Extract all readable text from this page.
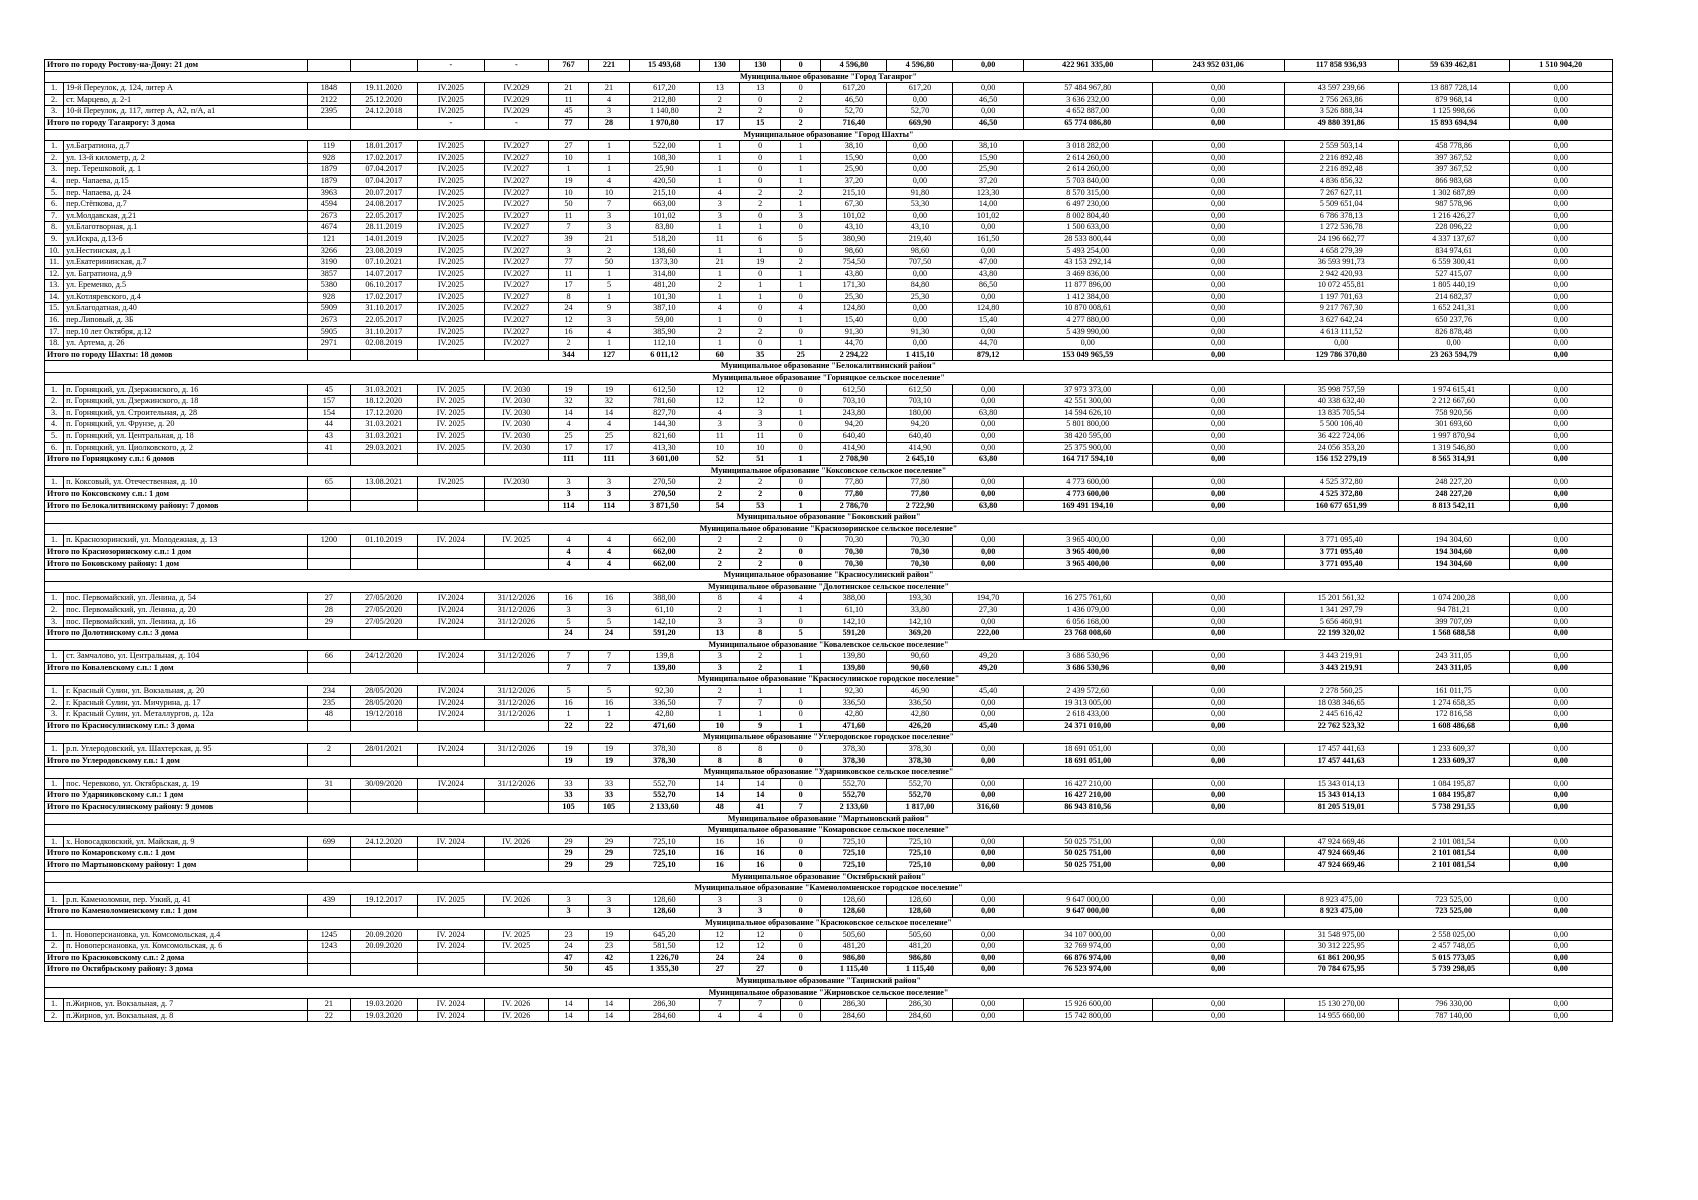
Итого по городу Ростову-на-Дону: 21 дом				-	-	767	221	15 493,68	130	130	0	4 596,80	4 596,80	0,00	422 961 335,00	243 952 031,06	117 858 936,93	59 639 462,81	1 510 904,20
Муниципальное образование "Город Таганрог"																			
1.	19-й Переулок, д. 124, литер А	1848	19.11.2020	IV.2025	IV.2029	21	21	617,20	13	13	0	617,20	617,20	0,00	57 484 967,80	0,00	43 597 239,66	13 887 728,14	0,00
2.	ст. Марцево, д. 2-1	2122	25.12.2020	IV.2025	IV.2029	11	4	212,80	2	0	2	46,50	0,00	46,50	3 636 232,00	0,00	2 756 263,86	879 968,14	0,00
3.	10-й Переулок, д. 117, литер А, А2, п/А, а1	2395	24.12.2018	IV.2025	IV.2029	45	3	1 140,80	2	2	0	52,70	52,70	0,00	4 652 887,00	0,00	3 526 888,34	1 125 998,66	0,00
Итого по городу Таганрогу: 3 дома				-	-	77	28	1 970,80	17	15	2	716,40	669,90	46,50	65 774 086,80	0,00	49 880 391,86	15 893 694,94	0,00
Муниципальное образование "Город Шахты"																			
1.	ул.Багратиона, д.7	119	18.01.2017	IV.2025	IV.2027	27	1	522,00	1	0	1	38,10	0,00	38,10	3 018 282,00	0,00	2 559 503,14	458 778,86	0,00
2.	ул. 13-й километр, д. 2	928	17.02.2017	IV.2025	IV.2027	10	1	108,30	1	0	1	15,90	0,00	15,90	2 614 260,00	0,00	2 216 892,48	397 367,52	0,00
3.	пер. Терешковой, д. 1	1879	07.04.2017	IV.2025	IV.2027	1	1	25,90	1	0	1	25,90	0,00	25,90	2 614 260,00	0,00	2 216 892,48	397 367,52	0,00
4.	пер. Чапаева, д.15	1879	07.04.2017	IV.2025	IV.2027	19	4	420,50	1	0	1	37,20	0,00	37,20	5 703 840,00	0,00	4 836 856,32	866 983,68	0,00
5.	пер. Чапаева, д. 24	3963	20.07.2017	IV.2025	IV.2027	10	10	215,10	4	2	2	215,10	91,80	123,30	8 570 315,00	0,00	7 267 627,11	1 302 687,89	0,00
6.	пер.Стёпкова, д.7	4594	24.08.2017	IV.2025	IV.2027	50	7	663,00	3	2	1	67,30	53,30	14,00	6 497 230,00	0,00	5 509 651,04	987 578,96	0,00
7.	ул.Молдавская, д.21	2673	22.05.2017	IV.2025	IV.2027	11	3	101,02	3	0	3	101,02	0,00	101,02	8 002 804,40	0,00	6 786 378,13	1 216 426,27	0,00
8.	ул.Благотворная, д.1	4674	28.11.2019	IV.2025	IV.2027	7	3	83,80	1	1	0	43,10	43,10	0,00	1 500 633,00	0,00	1 272 536,78	228 096,22	0,00
9.	ул.Искра, д.13-б	121	14.01.2019	IV.2025	IV.2027	39	21	518,20	11	6	5	380,90	219,40	161,50	28 533 800,44	0,00	24 196 662,77	4 337 137,67	0,00
10.	ул.Нестинская, д.1	3266	23.08.2019	IV.2025	IV.2027	3	2	138,60	1	1	0	98,60	98,60	0,00	5 493 254,00	0,00	4 658 279,39	834 974,61	0,00
11.	ул.Екатерининская, д.7	3190	07.10.2021	IV.2025	IV.2027	77	50	1373,30	21	19	2	754,50	707,50	47,00	43 153 292,14	0,00	36 593 991,73	6 559 300,41	0,00
12.	ул. Багратиона, д.9	3857	14.07.2017	IV.2025	IV.2027	11	1	314,80	1	0	1	43,80	0,00	43,80	3 469 836,00	0,00	2 942 420,93	527 415,07	0,00
13.	ул. Еременко, д.5	5380	06.10.2017	IV.2025	IV.2027	17	5	481,20	2	1	1	171,30	84,80	86,50	11 877 896,00	0,00	10 072 455,81	1 805 440,19	0,00
14.	ул.Котляревского, д.4	928	17.02.2017	IV.2025	IV.2027	8	1	101,30	1	1	0	25,30	25,30	0,00	1 412 384,00	0,00	1 197 701,63	214 682,37	0,00
15.	ул.Благодатная, д.40	5909	31.10.2017	IV.2025	IV.2027	24	9	387,10	4	0	4	124,80	0,00	124,80	10 870 008,61	0,00	9 217 767,30	1 652 241,31	0,00
16.	пер.Липовый, д. 3Б	2673	22.05.2017	IV.2025	IV.2027	12	3	59,00	1	0	1	15,40	0,00	15,40	4 277 880,00	0,00	3 627 642,24	650 237,76	0,00
17.	пер.10 лет Октября, д.12	5905	31.10.2017	IV.2025	IV.2027	16	4	385,90	2	2	0	91,30	91,30	0,00	5 439 990,00	0,00	4 613 111,52	826 878,48	0,00
18.	ул. Артема, д. 26	2971	02.08.2019	IV.2025	IV.2027	2	1	112,10	1	0	1	44,70	0,00	44,70	0,00	0,00	0,00	0,00	0,00
Итого по городу Шахты: 18 домов						344	127	6 011,12	60	35	25	2 294,22	1 415,10	879,12	153 049 965,59	0,00	129 786 370,80	23 263 594,79	0,00
Муниципальное образование "Белокалитвинский район"																			
Муниципальное образование "Горняцкое сельское поселение"																			
1.	п. Горняцкий, ул. Дзержинского, д. 16	45	31.03.2021	IV. 2025	IV. 2030	19	19	612,50	12	12	0	612,50	612,50	0,00	37 973 373,00	0,00	35 998 757,59	1 974 615,41	0,00
2.	п. Горняцкий, ул. Дзержинского, д. 18	157	18.12.2020	IV. 2025	IV. 2030	32	32	781,60	12	12	0	703,10	703,10	0,00	42 551 300,00	0,00	40 338 632,40	2 212 667,60	0,00
3.	п. Горняцкий, ул. Строительная, д. 28	154	17.12.2020	IV. 2025	IV. 2030	14	14	827,70	4	3	1	243,80	180,00	63,80	14 594 626,10	0,00	13 835 705,54	758 920,56	0,00
4.	п. Горняцкий, ул. Фрунзе, д. 20	44	31.03.2021	IV. 2025	IV. 2030	4	4	144,30	3	3	0	94,20	94,20	0,00	5 801 800,00	0,00	5 500 106,40	301 693,60	0,00
5.	п. Горняцкий, ул. Центральная, д. 18	43	31.03.2021	IV. 2025	IV. 2030	25	25	821,60	11	11	0	640,40	640,40	0,00	38 420 595,00	0,00	36 422 724,06	1 997 870,94	0,00
6.	п. Горняцкий, ул. Циолковского, д. 2	41	29.03.2021	IV. 2025	IV. 2030	17	17	413,30	10	10	0	414,90	414,90	0,00	25 375 900,00	0,00	24 056 353,20	1 319 546,80	0,00
Итого по Горняцкому с.п.: 6 домов						111	111	3 601,00	52	51	1	2 708,90	2 645,10	63,80	164 717 594,10	0,00	156 152 279,19	8 565 314,91	0,00
Муниципальное образование "Коксовское сельское поселение"																			
1.	п. Коксовый, ул. Отечественная, д. 10	65	13.08.2021	IV.2025	IV.2030	3	3	270,50	2	2	0	77,80	77,80	0,00	4 773 600,00	0,00	4 525 372,80	248 227,20	0,00
Итого по Коксовскому с.п.: 1 дом						3	3	270,50	2	2	0	77,80	77,80	0,00	4 773 600,00	0,00	4 525 372,80	248 227,20	0,00
Итого по Белокалитвинскому району: 7 домов						114	114	3 871,50	54	53	1	2 786,70	2 722,90	63,80	169 491 194,10	0,00	160 677 651,99	8 813 542,11	0,00
Муниципальное образование "Боковский район"																			
Муниципальное образование "Краснозоринское сельское поселение"																			
1.	п. Краснозоринский, ул. Молодежная, д. 13	1200	01.10.2019	IV. 2024	IV. 2025	4	4	662,00	2	2	0	70,30	70,30	0,00	3 965 400,00	0,00	3 771 095,40	194 304,60	0,00
Итого по Краснозоринскому с.п.: 1 дом						4	4	662,00	2	2	0	70,30	70,30	0,00	3 965 400,00	0,00	3 771 095,40	194 304,60	0,00
Итого по Боковскому району: 1 дом						4	4	662,00	2	2	0	70,30	70,30	0,00	3 965 400,00	0,00	3 771 095,40	194 304,60	0,00
Муниципальное образование "Красносулинский район"																			
Муниципальное образование "Долотинское сельское поселение"																			
1.	пос. Первомайский, ул. Ленина, д. 54	27	27/05/2020	IV.2024	31/12/2026	16	16	388,00	8	4	4	388,00	193,30	194,70	16 275 761,60	0,00	15 201 561,32	1 074 200,28	0,00
2.	пос. Первомайский, ул. Ленина, д. 20	28	27/05/2020	IV.2024	31/12/2026	3	3	61,10	2	1	1	61,10	33,80	27,30	1 436 079,00	0,00	1 341 297,79	94 781,21	0,00
3.	пос. Первомайский, ул. Ленина, д. 16	29	27/05/2020	IV.2024	31/12/2026	5	5	142,10	3	3	0	142,10	142,10	0,00	6 056 168,00	0,00	5 656 460,91	399 707,09	0,00
Итого по Долотинскому с.п.: 3 дома						24	24	591,20	13	8	5	591,20	369,20	222,00	23 768 008,60	0,00	22 199 320,02	1 568 688,58	0,00
Муниципальное образование "Ковалевское сельское поселение"																			
1.	ст. Замчалово, ул. Центральная, д. 104	66	24/12/2020	IV.2024	31/12/2026	7	7	139,8	3	2	1	139,80	90,60	49,20	3 686 530,96	0,00	3 443 219,91	243 311,05	0,00
Итого по Ковалевскому с.п.: 1 дом						7	7	139,80	3	2	1	139,80	90,60	49,20	3 686 530,96	0,00	3 443 219,91	243 311,05	0,00
Муниципальное образование "Красносулинское городское поселение"																			
1.	г. Красный Сулин, ул. Вокзальная, д. 20	234	28/05/2020	IV.2024	31/12/2026	5	5	92,30	2	1	1	92,30	46,90	45,40	2 439 572,60	0,00	2 278 560,25	161 011,75	0,00
2.	г. Красный Сулин, ул. Мичурина, д. 17	235	28/05/2020	IV.2024	31/12/2026	16	16	336,50	7	7	0	336,50	336,50	0,00	19 313 005,00	0,00	18 038 346,65	1 274 658,35	0,00
3.	г. Красный Сулин, ул. Металлургов, д. 12а	48	19/12/2018	IV.2024	31/12/2026	1	1	42,80	1	1	0	42,80	42,80	0,00	2 618 433,00	0,00	2 445 616,42	172 816,58	0,00
Итого по Красносулинскому г.п.: 3 дома						22	22	471,60	10	9	1	471,60	426,20	45,40	24 371 010,00	0,00	22 762 523,32	1 608 486,68	0,00
Муниципальное образование "Углеродовское городское поселение"																			
1.	р.п. Углеродовский, ул. Шахтерская, д. 95	2	28/01/2021	IV.2024	31/12/2026	19	19	378,30	8	8	0	378,30	378,30	0,00	18 691 051,00	0,00	17 457 441,63	1 233 609,37	0,00
Итого по Углеродовскому г.п.: 1 дом						19	19	378,30	8	8	0	378,30	378,30	0,00	18 691 051,00	0,00	17 457 441,63	1 233 609,37	0,00
Муниципальное образование "Ударниковское сельское поселение"																			
1.	пос. Черевково, ул. Октябрьская, д. 19	31	30/09/2020	IV.2024	31/12/2026	33	33	552,70	14	14	0	552,70	552,70	0,00	16 427 210,00	0,00	15 343 014,13	1 084 195,87	0,00
Итого по Ударниковскому с.п.: 1 дом						33	33	552,70	14	14	0	552,70	552,70	0,00	16 427 210,00	0,00	15 343 014,13	1 084 195,87	0,00
Итого по Красносулинскому району: 9 домов						105	105	2 133,60	48	41	7	2 133,60	1 817,00	316,60	86 943 810,56	0,00	81 205 519,01	5 738 291,55	0,00
Муниципальное образование "Мартыновский район"																			
Муниципальное образование "Комаровское сельское поселение"																			
1.	х. Новосадковский, ул. Майская, д. 9	699	24.12.2020	IV. 2024	IV. 2026	29	29	725,10	16	16	0	725,10	725,10	0,00	50 025 751,00	0,00	47 924 669,46	2 101 081,54	0,00
Итого по Комаровскому с.п.: 1 дом						29	29	725,10	16	16	0	725,10	725,10	0,00	50 025 751,00	0,00	47 924 669,46	2 101 081,54	0,00
Итого по Мартыновскому району: 1 дом						29	29	725,10	16	16	0	725,10	725,10	0,00	50 025 751,00	0,00	47 924 669,46	2 101 081,54	0,00
Муниципальное образование "Октябрьский район"																			
Муниципальное образование "Каменоломненское городское поселение"																			
1.	р.п. Каменоломни, пер. Узкий, д. 41	439	19.12.2017	IV. 2025	IV. 2026	3	3	128,60	3	3	0	128,60	128,60	0,00	9 647 000,00	0,00	8 923 475,00	723 525,00	0,00
Итого по Каменоломненскому г.п.: 1 дом						3	3	128,60	3	3	0	128,60	128,60	0,00	9 647 000,00	0,00	8 923 475,00	723 525,00	0,00
Муниципальное образование "Красюковское сельское поселение"																			
1.	п. Новоперсиановка, ул. Комсомольская, д.4	1245	20.09.2020	IV. 2024	IV. 2025	23	19	645,20	12	12	0	505,60	505,60	0,00	34 107 000,00	0,00	31 548 975,00	2 558 025,00	0,00
2.	п. Новоперсиановка, ул. Комсомольская, д. 6	1243	20.09.2020	IV. 2024	IV. 2025	24	23	581,50	12	12	0	481,20	481,20	0,00	32 769 974,00	0,00	30 312 225,95	2 457 748,05	0,00
Итого по Красюковскому с.п.: 2 дома						47	42	1 226,70	24	24	0	986,80	986,80	0,00	66 876 974,00	0,00	61 861 200,95	5 015 773,05	0,00
Итого по Октябрьскому району: 3 дома						50	45	1 355,30	27	27	0	1 115,40	1 115,40	0,00	76 523 974,00	0,00	70 784 675,95	5 739 298,05	0,00
Муниципальное образование "Тацинский район"																			
Муниципальное образование "Жирновское сельское поселение"																			
1.	п.Жирнов, ул. Вокзальная, д. 7	21	19.03.2020	IV. 2024	IV. 2026	14	14	286,30	7	7	0	286,30	286,30	0,00	15 926 600,00	0,00	15 130 270,00	796 330,00	0,00
2.	п.Жирнов, ул. Вокзальная, д. 8	22	19.03.2020	IV. 2024	IV. 2026	14	14	284,60	4	4	0	284,60	284,60	0,00	15 742 800,00	0,00	14 955 660,00	787 140,00	0,00
